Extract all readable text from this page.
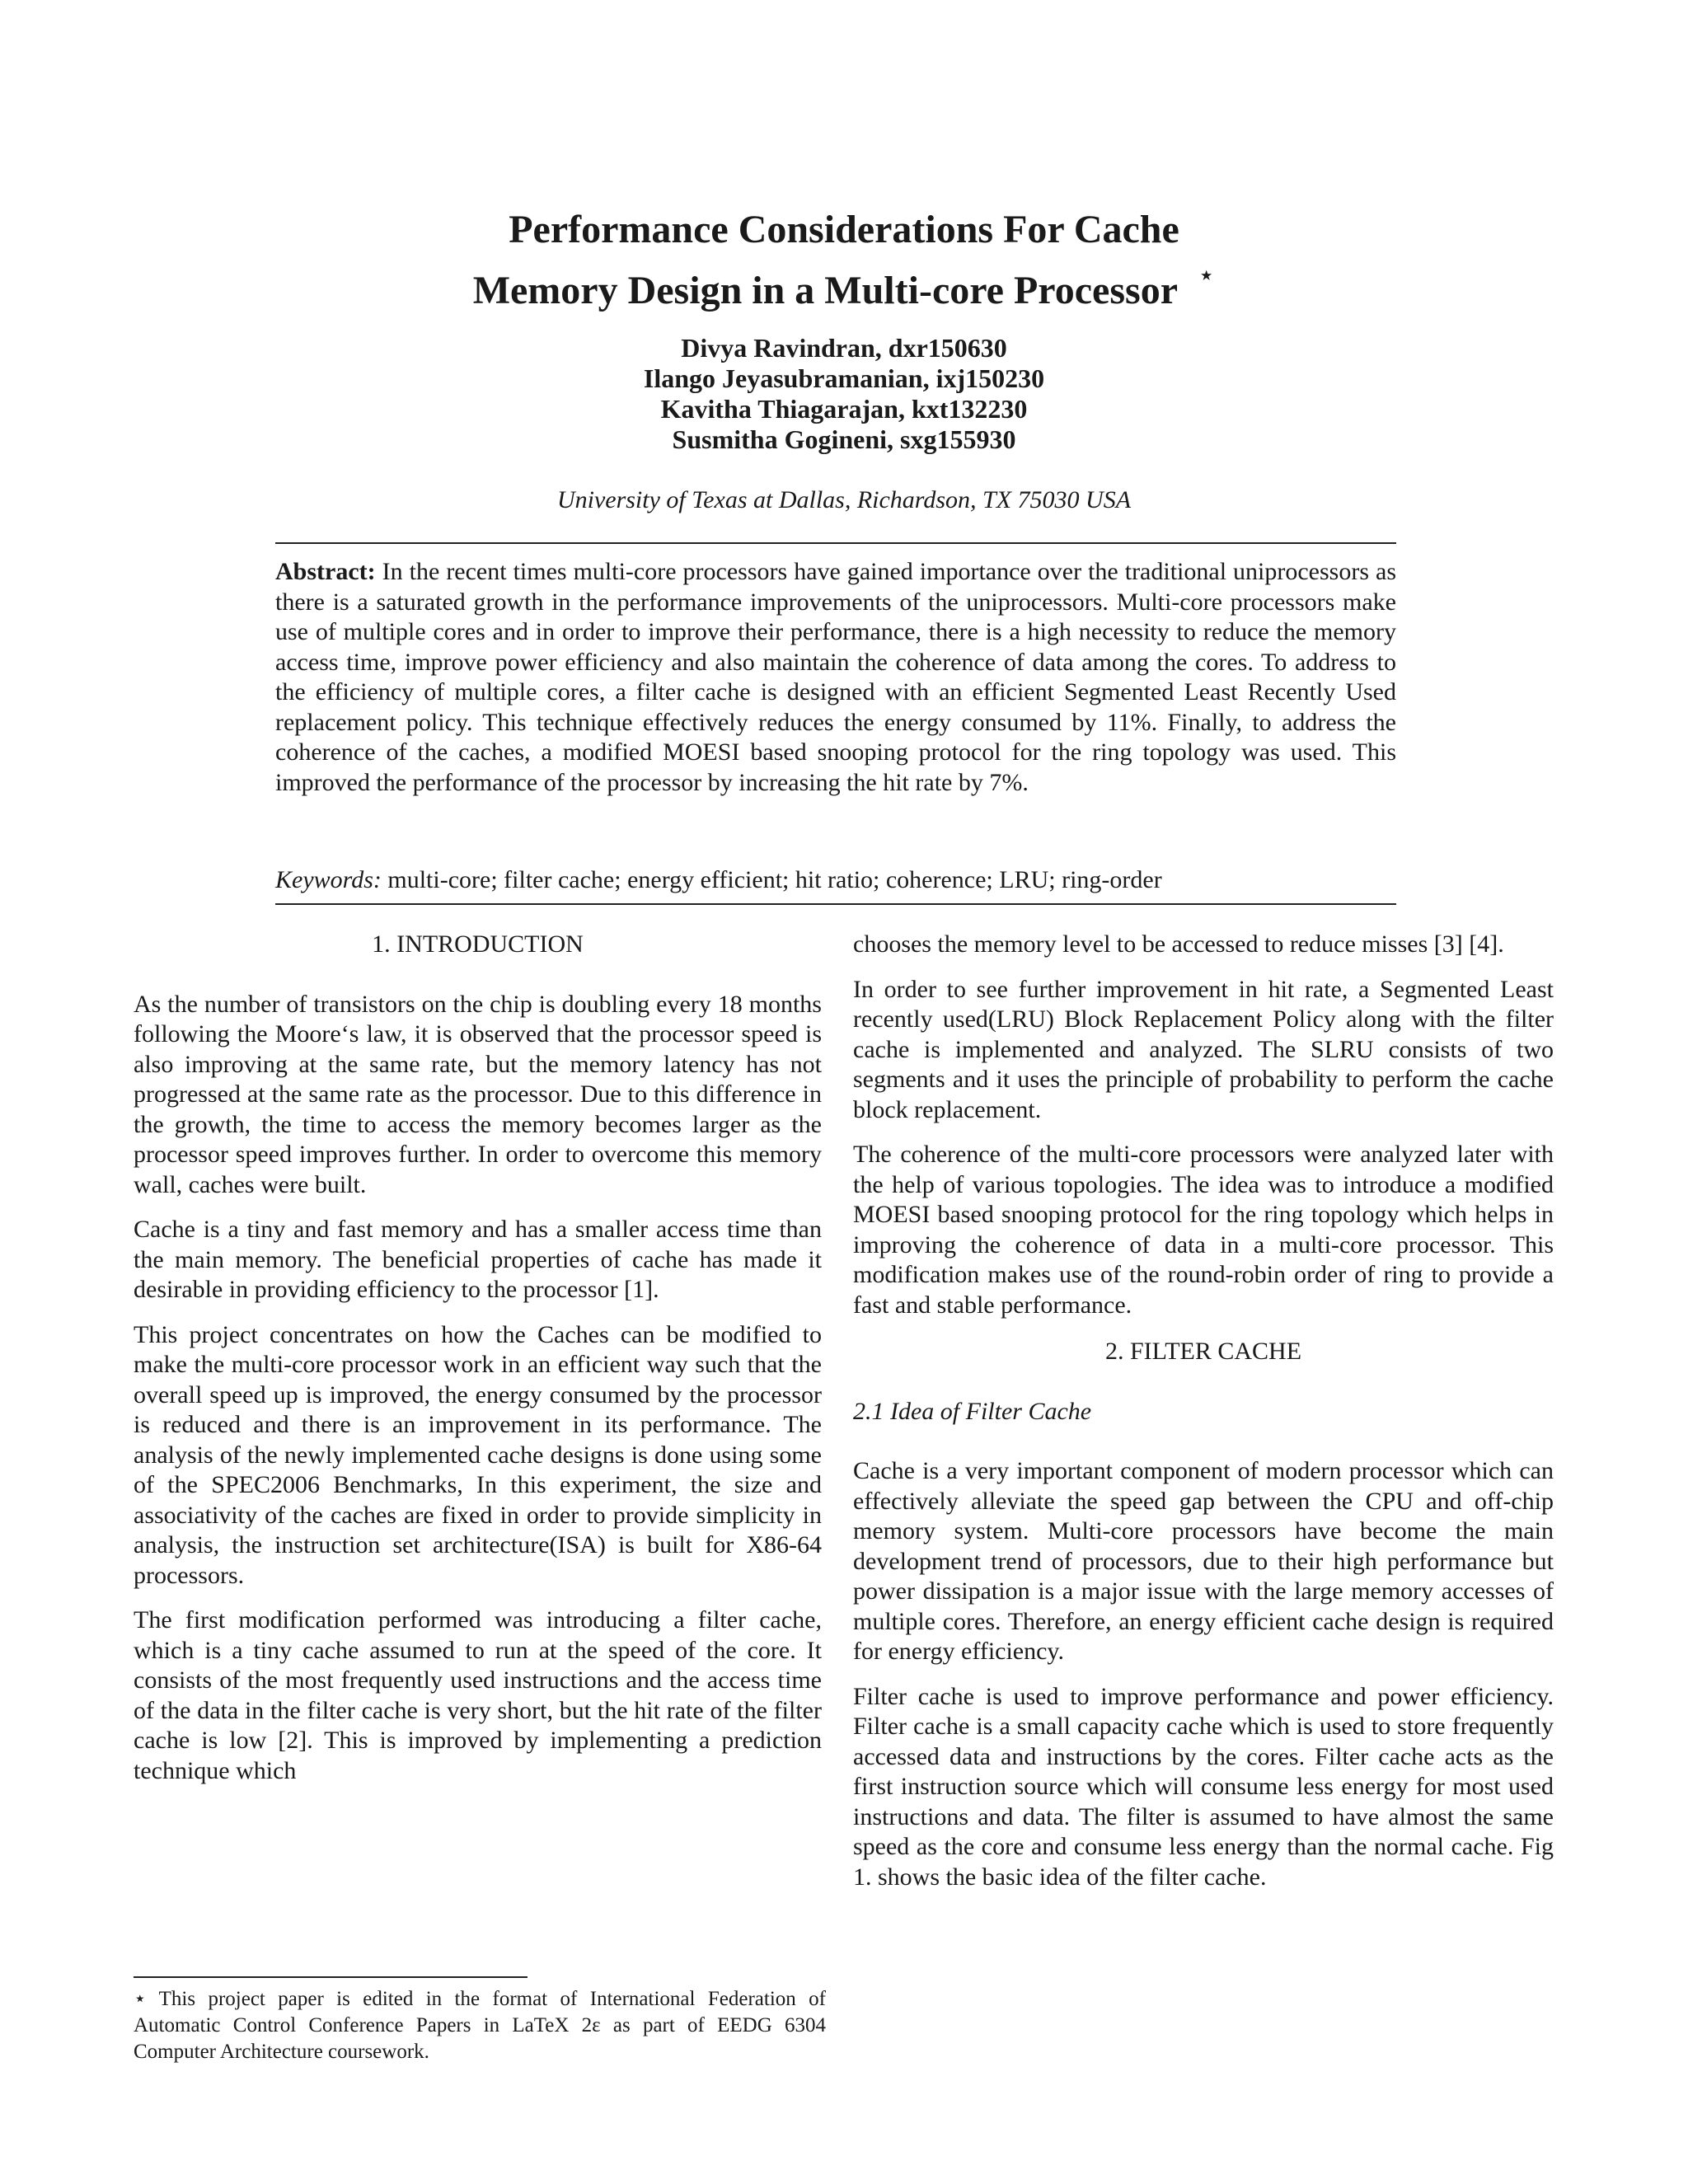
Performance Considerations For Cache
Memory Design in a Multi-core Processor ⋆
Divya Ravindran, dxr150630
Ilango Jeyasubramanian, ixj150230
Kavitha Thiagarajan, kxt132230
Susmitha Gogineni, sxg155930
University of Texas at Dallas, Richardson, TX 75030 USA
Abstract: In the recent times multi-core processors have gained importance over the traditional uniprocessors as there is a saturated growth in the performance improvements of the uniprocessors. Multi-core processors make use of multiple cores and in order to improve their performance, there is a high necessity to reduce the memory access time, improve power efficiency and also maintain the coherence of data among the cores. To address to the efficiency of multiple cores, a filter cache is designed with an efficient Segmented Least Recently Used replacement policy. This technique effectively reduces the energy consumed by 11%. Finally, to address the coherence of the caches, a modified MOESI based snooping protocol for the ring topology was used. This improved the performance of the processor by increasing the hit rate by 7%.
Keywords: multi-core; filter cache; energy efficient; hit ratio; coherence; LRU; ring-order
1. INTRODUCTION

As the number of transistors on the chip is doubling every 18 months following the Moore‘s law, it is observed that the processor speed is also improving at the same rate, but the memory latency has not progressed at the same rate as the processor. Due to this difference in the growth, the time to access the memory becomes larger as the processor speed improves further. In order to overcome this memory wall, caches were built.

Cache is a tiny and fast memory and has a smaller access time than the main memory. The beneficial properties of cache has made it desirable in providing efficiency to the processor [1].

This project concentrates on how the Caches can be modified to make the multi-core processor work in an efficient way such that the overall speed up is improved, the energy consumed by the processor is reduced and there is an improvement in its performance. The analysis of the newly implemented cache designs is done using some of the SPEC2006 Benchmarks, In this experiment, the size and associativity of the caches are fixed in order to provide simplicity in analysis, the instruction set architecture(ISA) is built for X86-64 processors.

The first modification performed was introducing a filter cache, which is a tiny cache assumed to run at the speed of the core. It consists of the most frequently used instructions and the access time of the data in the filter cache is very short, but the hit rate of the filter cache is low [2]. This is improved by implementing a prediction technique which

chooses the memory level to be accessed to reduce misses [3] [4].

In order to see further improvement in hit rate, a Segmented Least recently used(LRU) Block Replacement Policy along with the filter cache is implemented and analyzed. The SLRU consists of two segments and it uses the principle of probability to perform the cache block replacement.

The coherence of the multi-core processors were analyzed later with the help of various topologies. The idea was to introduce a modified MOESI based snooping protocol for the ring topology which helps in improving the coherence of data in a multi-core processor. This modification makes use of the round-robin order of ring to provide a fast and stable performance.

2. FILTER CACHE
2.1 Idea of Filter Cache

Cache is a very important component of modern processor which can effectively alleviate the speed gap between the CPU and off-chip memory system. Multi-core processors have become the main development trend of processors, due to their high performance but power dissipation is a major issue with the large memory accesses of multiple cores. Therefore, an energy efficient cache design is required for energy efficiency.

Filter cache is used to improve performance and power efficiency. Filter cache is a small capacity cache which is used to store frequently accessed data and instructions by the cores. Filter cache acts as the first instruction source which will consume less energy for most used instructions and data. The filter is assumed to have almost the same speed as the core and consume less energy than the normal cache. Fig 1. shows the basic idea of the filter cache.

⋆ This project paper is edited in the format of International Federation of Automatic Control Conference Papers in LaTeX 2ε as part of EEDG 6304 Computer Architecture coursework.
